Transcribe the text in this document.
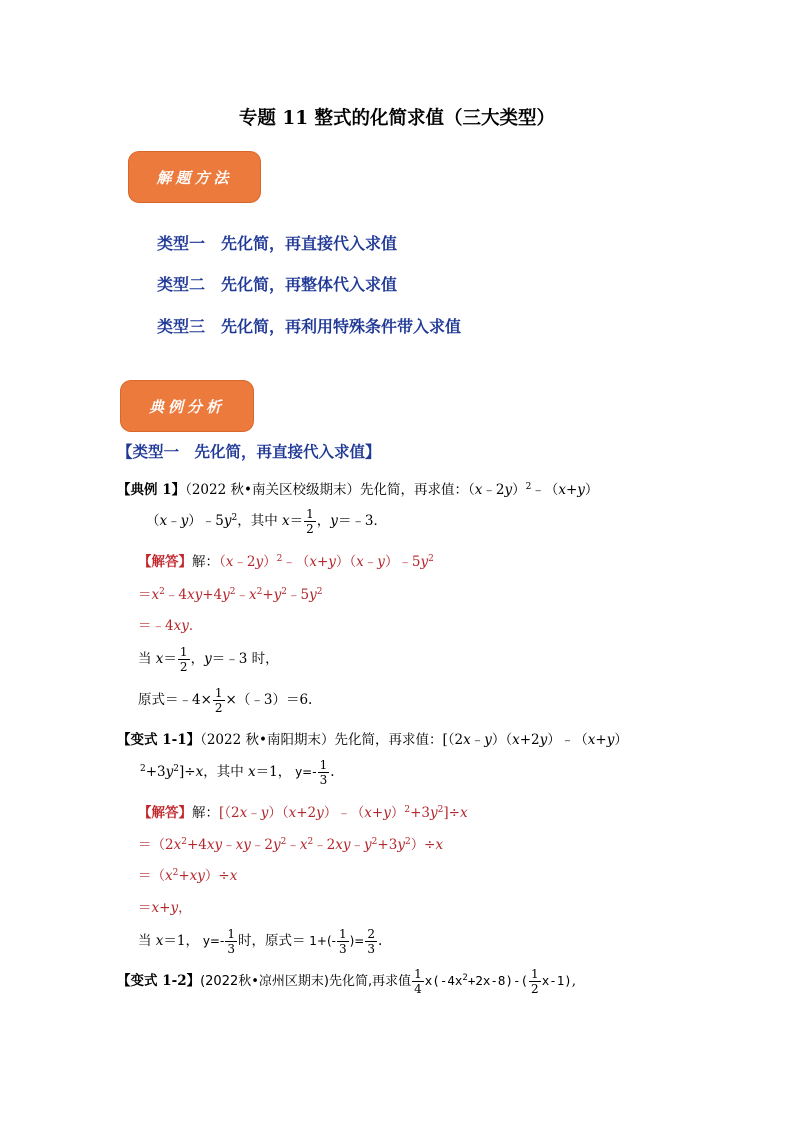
专题 11 整式的化简求值（三大类型）
解题方法
类型一　先化简，再直接代入求值
类型二　先化简，再整体代入求值
类型三　先化简，再利用特殊条件带入求值
典例分析
【类型一　先化简，再直接代入求值】
【典例 1】（2022 秋•南关区校级期末）先化简，再求值：（x﹣2y）$^2$﹣（x+y）
$(x﹣y)﹣5y^2$，其中 $x= \frac{1}{2}$ ，y＝﹣3．
【解答】解：$(x﹣2y)^2﹣(x+y)(x﹣y)﹣5y^2$
$=x^2﹣4xy+4y^2﹣x^2+y^2﹣5y^2$
＝﹣4xy．
当 $x= \frac{1}{2}$ ，y＝﹣3 时，
原式＝﹣4× $\frac{1}{2}$ ×（﹣3）＝6.
【变式 1-1】（2022 秋•南阳期末）先化简，再求值：[（2x﹣y）（x+2y）﹣（x+y）
$^2+3y^2]\div x$，其中 x＝1， $y=- \frac{1}{3}$ .
【解答】解：$[(2x﹣y)(x+2y)﹣(x+y)^2+3y^2]\div x$
$=(2x^2+4xy﹣xy﹣2y^2﹣x^2﹣2xy﹣y^2+3y^2)\div x$
$=(x^2+xy)\div x$
＝x+y，
当 x＝1， $y=- \frac{1}{3}$ 时，原式＝ $1+(- \frac{1}{3}$ )= $\frac{2}{3}$ .
【变式 1-2】(2022秋•凉州区期末)先化简,再求值 $\frac{1}{4} x(-4x^2+2x-8)-( \frac{1}{2} x-1)$,
